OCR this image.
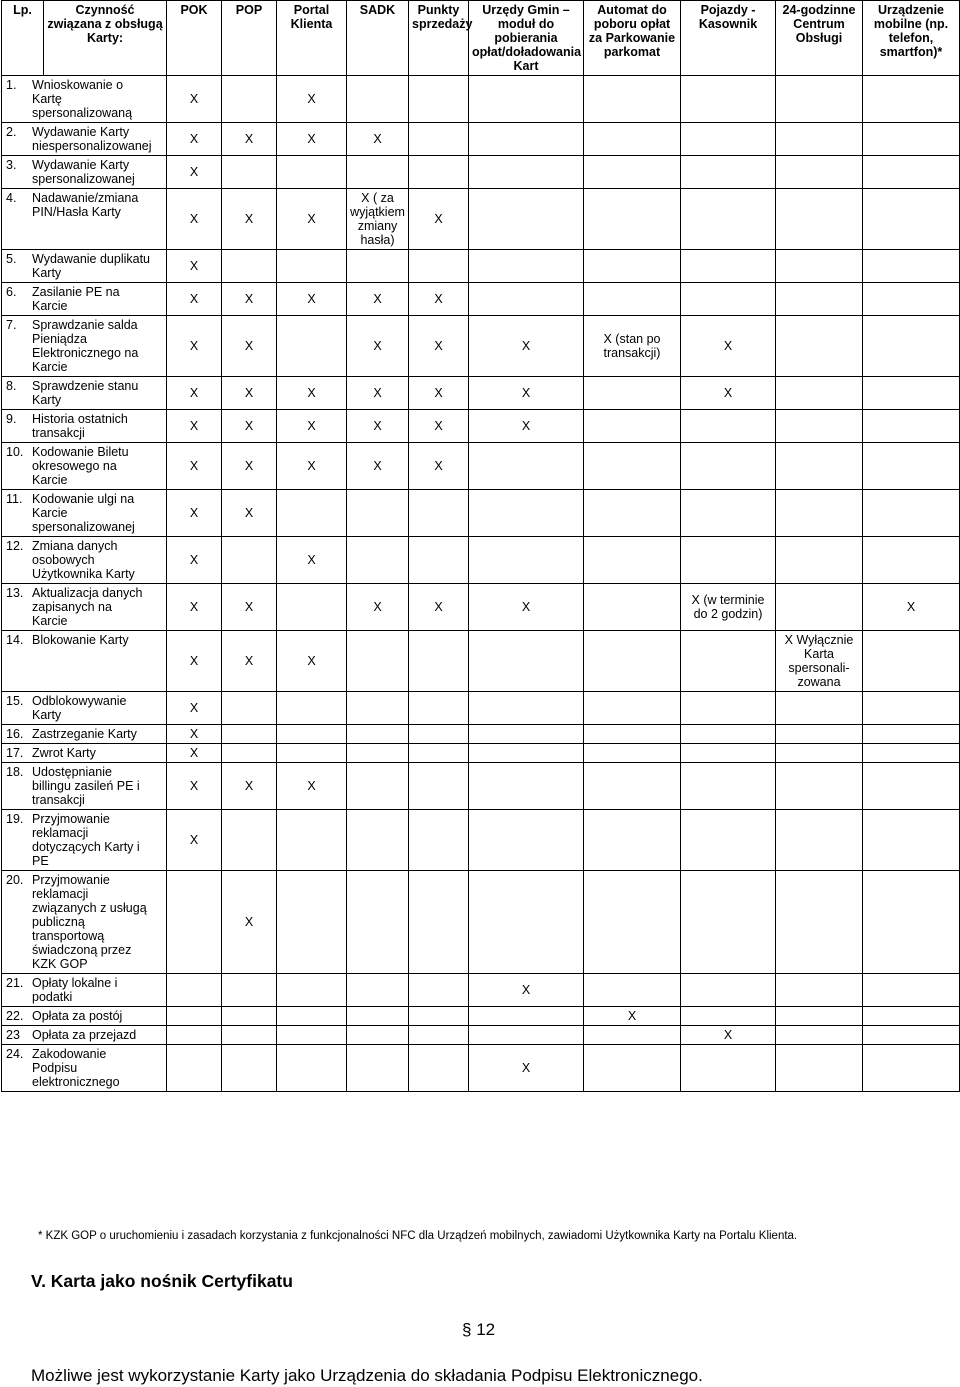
Lp.	Czynność związana z obsługą Karty:	POK	POP	Portal Klienta	SADK	Punkty sprzedaży	Urzędy Gmin – moduł do pobierania opłat/doładowania Kart	Automat do poboru opłat za Parkowanie parkomat	Pojazdy - Kasownik	24-godzinne Centrum Obsługi	Urządzenie mobilne (np. telefon, smartfon)*
1. Wnioskowanie o Kartę spersonalizowaną		X		X							
2. Wydawanie Karty niespersonalizowanej		X	X	X	X						
3. Wydawanie Karty spersonalizowanej		X									
4. Nadawanie/zmiana PIN/Hasła Karty		X	X	X	X ( za wyjątkiem zmiany hasła)	X					
5. Wydawanie duplikatu Karty		X									
6. Zasilanie PE na Karcie		X	X	X	X	X					
7. Sprawdzanie salda Pieniądza Elektronicznego na Karcie		X	X		X	X	X	X (stan po transakcji)	X		
8. Sprawdzenie stanu Karty		X	X	X	X	X	X		X		
9. Historia ostatnich transakcji		X	X	X	X	X	X				
10. Kodowanie Biletu okresowego na Karcie		X	X	X	X	X					
11. Kodowanie ulgi na Karcie spersonalizowanej		X	X								
12. Zmiana danych osobowych Użytkownika Karty		X		X							
13. Aktualizacja danych zapisanych na Karcie		X	X		X	X	X		X (w terminie do 2 godzin)		X
14. Blokowanie Karty		X	X	X						X Wyłącznie Karta spersonali-zowana	
15. Odblokowywanie Karty		X									
16. Zastrzeganie Karty		X									
17. Zwrot Karty		X									
18. Udostępnianie billingu zasileń PE i transakcji		X	X	X							
19. Przyjmowanie reklamacji dotyczących Karty i PE		X									
20. Przyjmowanie reklamacji związanych z usługą publiczną transportową świadczoną przez KZK GOP			X								
21. Opłaty lokalne i podatki							X				
22. Opłata za postój								X			
23 Opłata za przejazd									X		
24. Zakodowanie Podpisu elektronicznego							X				
* KZK GOP o uruchomieniu i zasadach korzystania z funkcjonalności NFC dla Urządzeń mobilnych, zawiadomi Użytkownika Karty na Portalu Klienta.
V. Karta jako nośnik Certyfikatu
§ 12
Możliwe jest wykorzystanie Karty jako Urządzenia do składania Podpisu Elektronicznego.
